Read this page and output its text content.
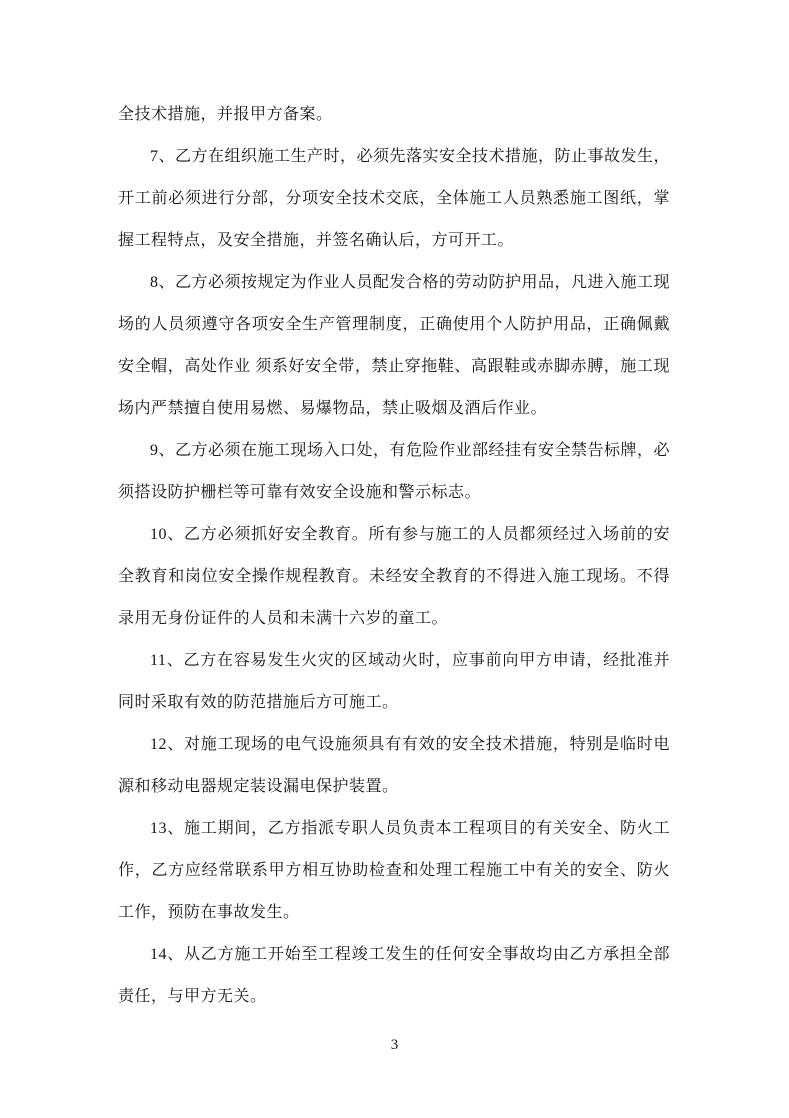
全技术措施，并报甲方备案。

7、乙方在组织施工生产时，必须先落实安全技术措施，防止事故发生，开工前必须进行分部，分项安全技术交底，全体施工人员熟悉施工图纸，掌握工程特点，及安全措施，并签名确认后，方可开工。

8、乙方必须按规定为作业人员配发合格的劳动防护用品，凡进入施工现场的人员须遵守各项安全生产管理制度，正确使用个人防护用品，正确佩戴安全帽，高处作业 须系好安全带，禁止穿拖鞋、高跟鞋或赤脚赤膊，施工现场内严禁擅自使用易燃、易爆物品，禁止吸烟及酒后作业。

9、乙方必须在施工现场入口处，有危险作业部经挂有安全禁告标牌，必须搭设防护栅栏等可靠有效安全设施和警示标志。

10、乙方必须抓好安全教育。所有参与施工的人员都须经过入场前的安全教育和岗位安全操作规程教育。未经安全教育的不得进入施工现场。不得录用无身份证件的人员和未满十六岁的童工。

11、乙方在容易发生火灾的区域动火时，应事前向甲方申请，经批准并同时采取有效的防范措施后方可施工。

12、对施工现场的电气设施须具有有效的安全技术措施，特别是临时电源和移动电器规定装设漏电保护装置。

13、施工期间，乙方指派专职人员负责本工程项目的有关安全、防火工作，乙方应经常联系甲方相互协助检查和处理工程施工中有关的安全、防火工作，预防在事故发生。

14、从乙方施工开始至工程竣工发生的任何安全事故均由乙方承担全部责任，与甲方无关。

3
